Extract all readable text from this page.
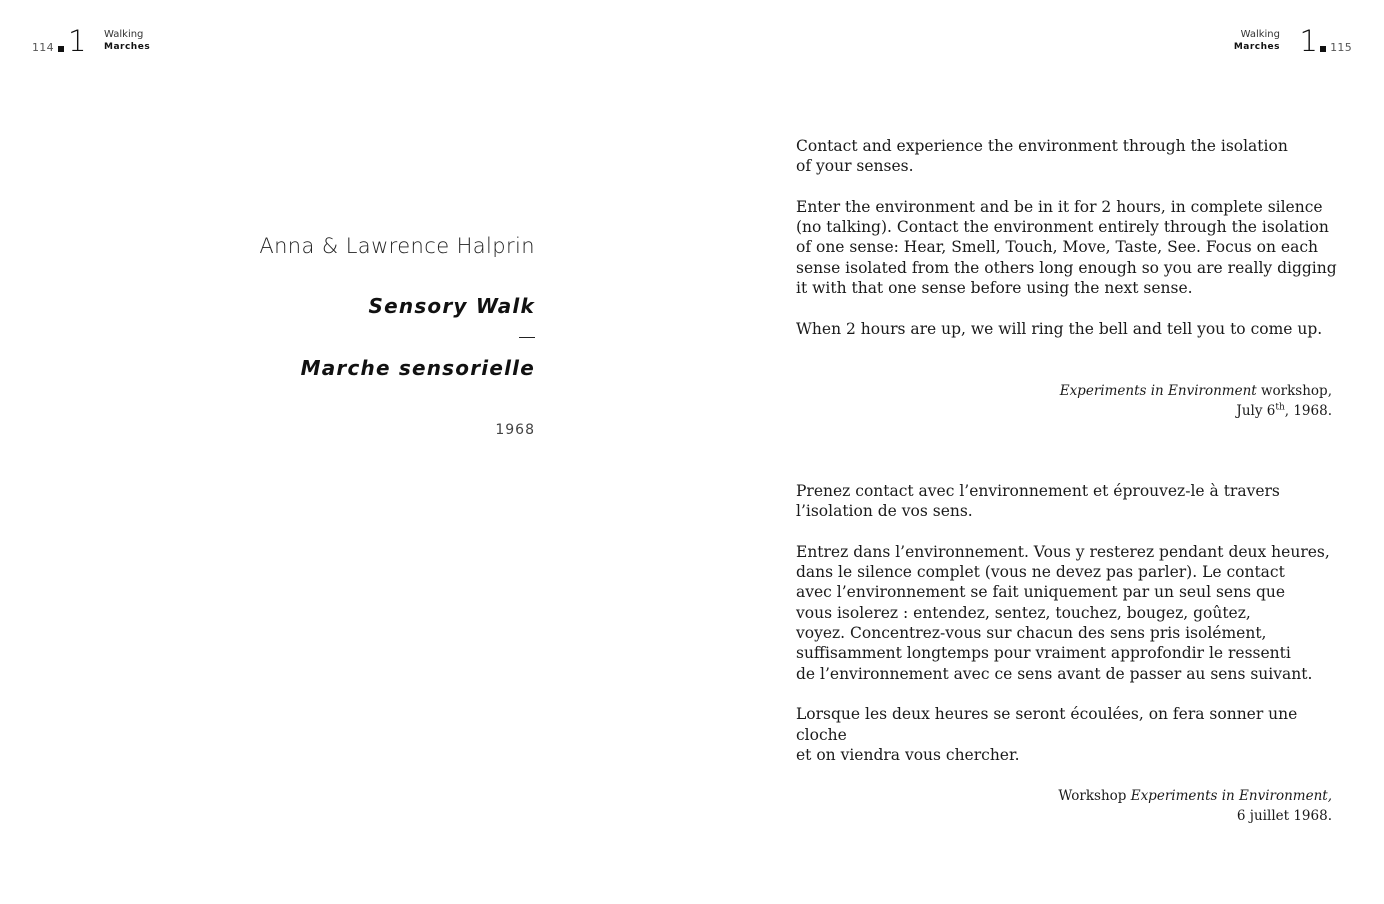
114 1 Walking
Marches
Walking
Marches 1 115

Anna & Lawrence Halprin

Sensory Walk

Marche sensorielle

1968

Contact and experience the environment through the isolation
of your senses.

Enter the environment and be in it for 2 hours, in complete silence
(no talking). Contact the environment entirely through the isolation
of one sense: Hear, Smell, Touch, Move, Taste, See. Focus on each
sense isolated from the others long enough so you are really digging
it with that one sense before using the next sense.

When 2 hours are up, we will ring the bell and tell you to come up.

Experiments in Environment workshop,
July 6th, 1968.

Prenez contact avec l’environnement et éprouvez-le à travers
l’isolation de vos sens.

Entrez dans l’environnement. Vous y resterez pendant deux heures,
dans le silence complet (vous ne devez pas parler). Le contact
avec l’environnement se fait uniquement par un seul sens que
vous isolerez : entendez, sentez, touchez, bougez, goûtez,
voyez. Concentrez-vous sur chacun des sens pris isolément,
suffisamment longtemps pour vraiment approfondir le ressenti
de l’environnement avec ce sens avant de passer au sens suivant.

Lorsque les deux heures se seront écoulées, on fera sonner une cloche
et on viendra vous chercher.

Workshop Experiments in Environment,
6 juillet 1968.
